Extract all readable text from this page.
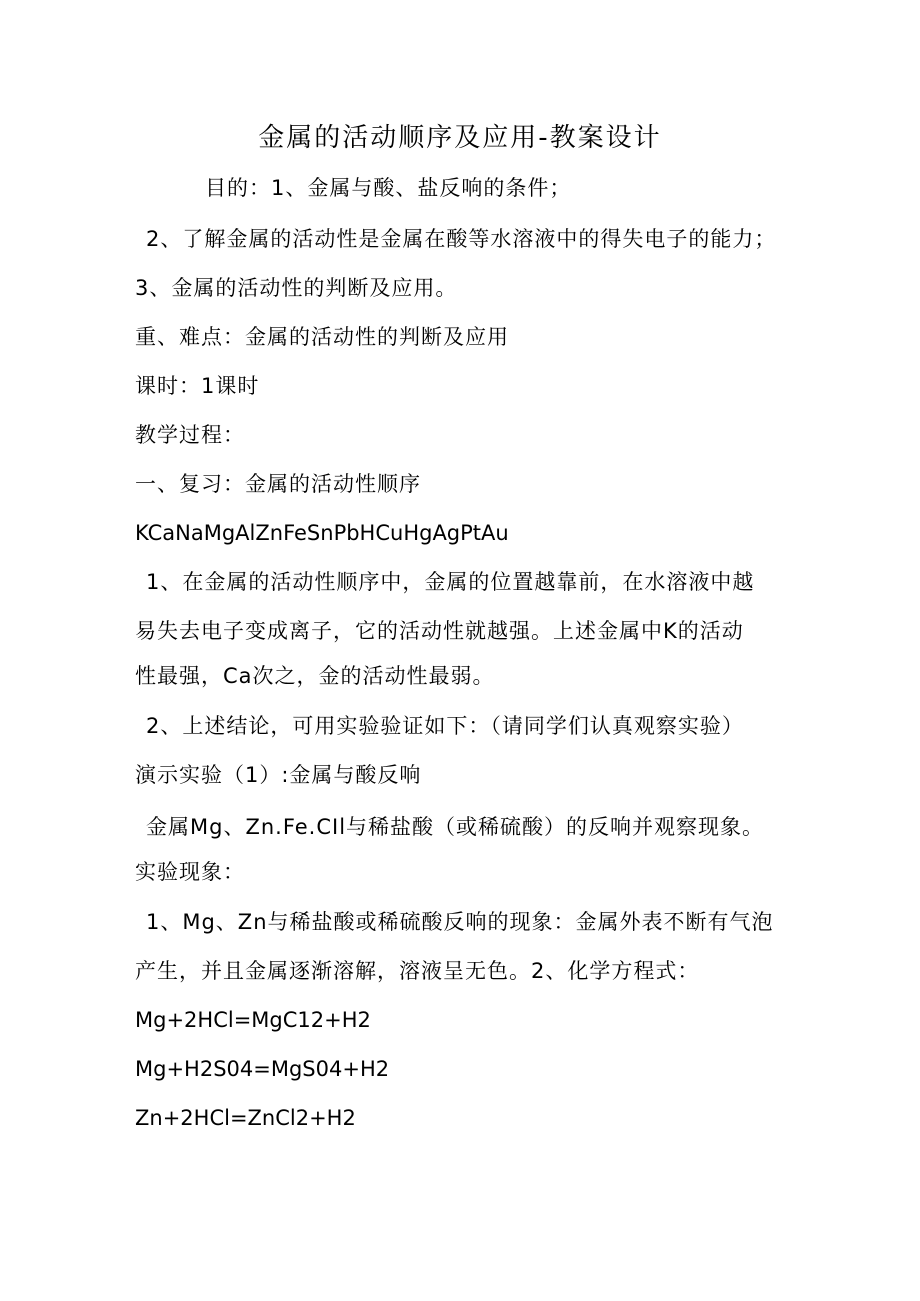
金属的活动顺序及应用-教案设计
目的：1、金属与酸、盐反响的条件；
2、了解金属的活动性是金属在酸等水溶液中的得失电子的能力；
3、金属的活动性的判断及应用。
重、难点：金属的活动性的判断及应用
课时：1课时
教学过程：
一、复习：金属的活动性顺序
KCaNaMgAlZnFeSnPbHCuHgAgPtAu
1、在金属的活动性顺序中，金属的位置越靠前，在水溶液中越
易失去电子变成离子，它的活动性就越强。上述金属中K的活动
性最强，Ca次之，金的活动性最弱。
2、上述结论，可用实验验证如下：（请同学们认真观察实验）
演示实验（1）:金属与酸反响
金属Mg、Zn.Fe.CIl与稀盐酸（或稀硫酸）的反响并观察现象。
实验现象：
1、Mg、Zn与稀盐酸或稀硫酸反响的现象：金属外表不断有气泡
产生，并且金属逐渐溶解，溶液呈无色。2、化学方程式：
Mg+2HCl=MgC12+H2
Mg+H2S04=MgS04+H2
Zn+2HCl=ZnCl2+H2
